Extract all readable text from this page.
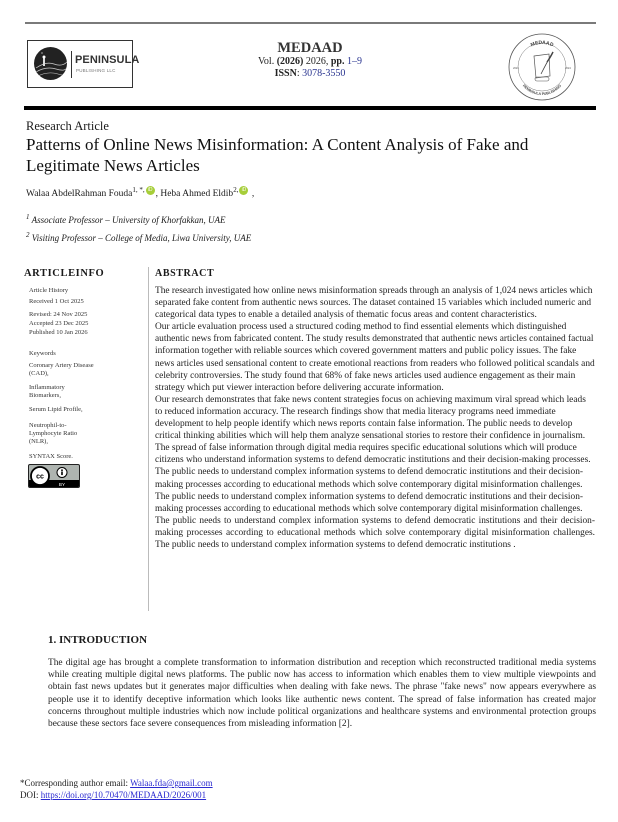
PENINSULA
PUBLISHING LLC
MEDAAD
Vol. (2026) 2026, pp. 1–9
ISSN: 3078-3550
MEDAAD
PENINSULA PUBLISHING
2024	2024
Research Article
Patterns of Online News Misinformation: A Content Analysis of Fake and Legitimate News Articles
Walaa AbdelRahman Fouda$^{1, *,}$ iD , Heba Ahmed Eldib$^{2,}$ iD ,
$^1$ Associate Professor – University of Khorfakkan, UAE
$^2$ Visiting Professor – College of Media, Liwa University, UAE
ARTICLEINFO
Article History
Received 1 Oct 2025
Revised: 24 Nov 2025
Accepted 23 Dec 2025
Published 10 Jan 2026
Keywords
Coronary Artery Disease (CAD),
Inflammatory Biomarkers,
Serum Lipid Profile,
Neutrophil-to-Lymphocyte Ratio (NLR),
SYNTAX Score.
cc
BY
ABSTRACT

The research investigated how online news misinformation spreads through an analysis of 1,024 news articles which separated fake content from authentic news sources. The dataset contained 15 variables which included numeric and categorical data types to enable a detailed analysis of thematic focus areas and content characteristics.

Our article evaluation process used a structured coding method to find essential elements which distinguished authentic news from fabricated content. The study results demonstrated that authentic news articles contained factual information together with reliable sources which covered government matters and public policy issues. The fake news articles used sensational content to create emotional reactions from readers who followed political scandals and celebrity controversies. The study found that 68% of fake news articles used audience engagement as their main strategy which put viewer interaction before delivering accurate information.

Our research demonstrates that fake news content strategies focus on achieving maximum viral spread which leads to reduced information accuracy. The research findings show that media literacy programs need immediate development to help people identify which news reports contain false information. The public needs to develop critical thinking abilities which will help them analyze sensational stories to restore their confidence in journalism. The spread of false information through digital media requires specific educational solutions which will produce citizens who understand information systems to defend democratic institutions and their decision-making processes. The public needs to understand complex information systems to defend democratic institutions and their decision-making processes according to educational methods which solve contemporary digital misinformation challenges. The public needs to understand complex information systems to defend democratic institutions and their decision-making processes according to educational methods which solve contemporary digital misinformation challenges.

The public needs to understand complex information systems to defend democratic institutions and their decision-making processes according to educational methods which solve contemporary digital misinformation challenges. The public needs to understand complex information systems to defend democratic institutions .

1. INTRODUCTION
The digital age has brought a complete transformation to information distribution and reception which reconstructed traditional media systems while creating multiple digital news platforms. The public now has access to information which enables them to view multiple viewpoints and obtain fast news updates but it generates major difficulties when dealing with fake news. The phrase "fake news" now appears everywhere as people use it to identify deceptive information which looks like authentic news content. The spread of false information has created major concerns throughout multiple industries which now include political organizations and healthcare systems and environmental protection groups because these sectors face severe consequences from misleading information [2].
*Corresponding author email: Walaa.fda@gmail.com
DOI: https://doi.org/10.70470/MEDAAD/2026/001
